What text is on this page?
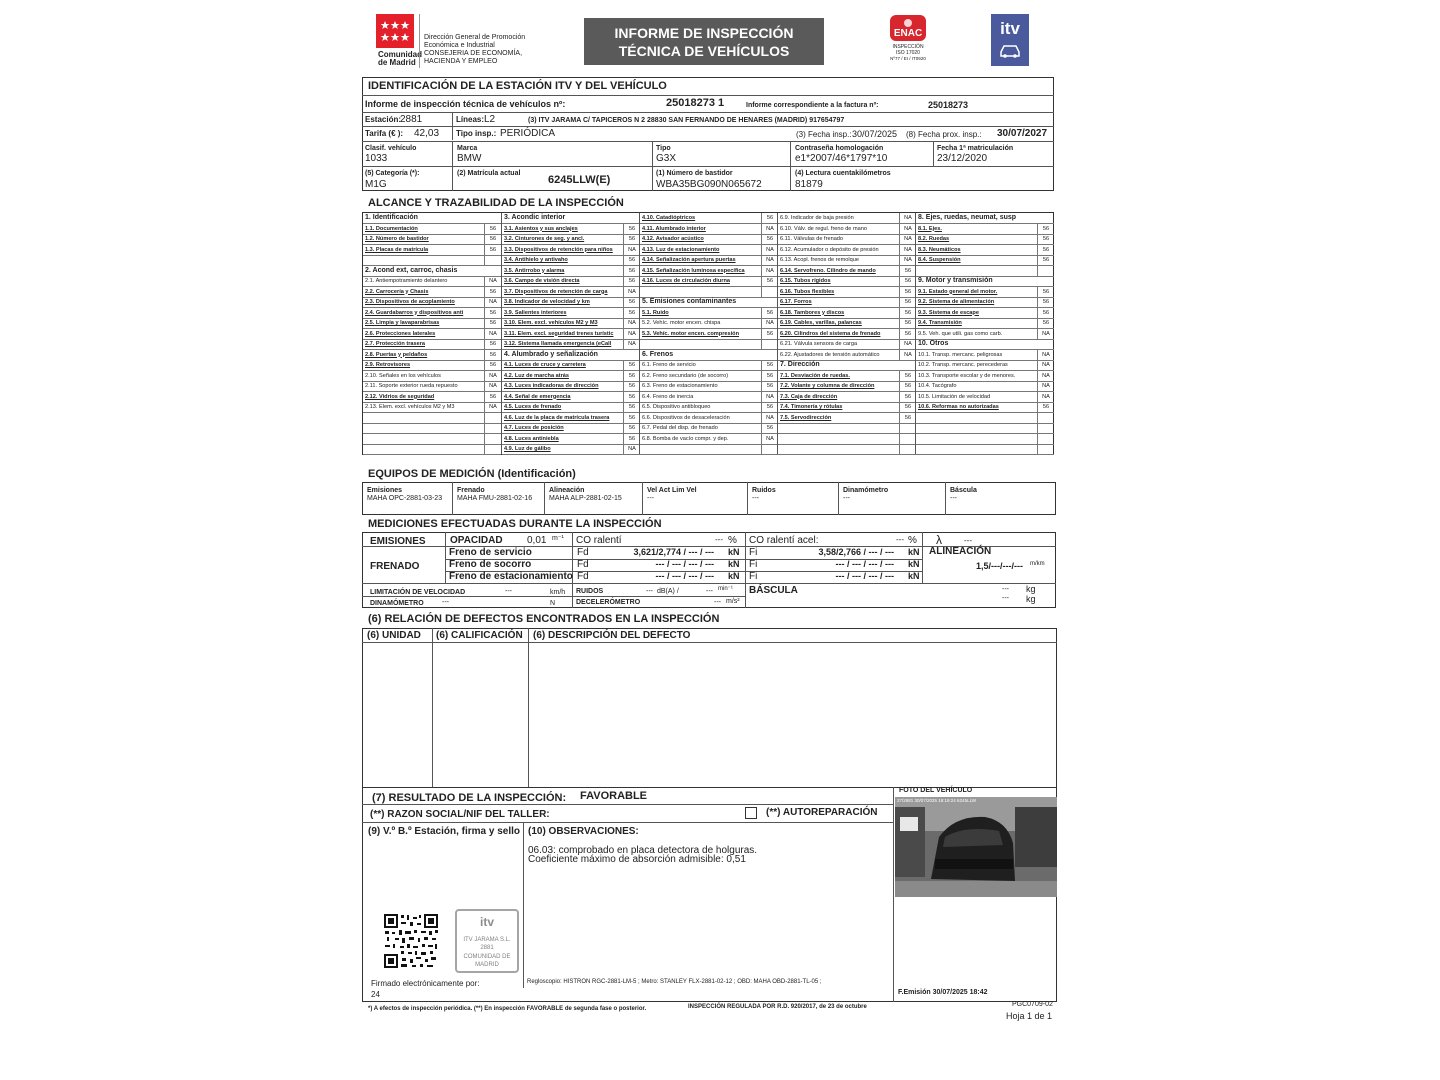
Comunidad
de Madrid
Dirección General de Promoción
Económica e Industrial
CONSEJERIA DE ECONOMÍA,
HACIENDA Y EMPLEO
INFORME DE INSPECCIÓN
TÉCNICA DE VEHÍCULOS
ENAC
INSPECCIÓN
ISO 17020
Nº77 / EI / IT0920
itv
IDENTIFICACIÓN DE LA ESTACIÓN ITV Y DEL VEHÍCULO
Informe de inspección técnica de vehículos nº:	25018273 1	Informe correspondiente a la factura nº:	25018273
Estación:
2881	Líneas: L2	(3) ITV JARAMA C/ TAPICEROS N 2 28830 SAN FERNANDO DE HENARES (MADRID) 917654797
Tarifa (€ ): 42,03 Tipo insp.: PERIÓDICA	(3) Fecha insp.: 30/07/2025 (8) Fecha prox. insp.: 30/07/2027
Clasif. vehículo
1033
Marca
BMW
Tipo
G3X
Contraseña homologación
e1*2007/46*1797*10
Fecha 1ª matriculación
23/12/2020
(5) Categoría (*):
M1G
(2) Matrícula actual
6245LLW(E)
(1) Número de bastidor
WBA35BG090N065672
(4) Lectura cuentakilómetros
81879
ALCANCE Y TRAZABILIDAD DE LA INSPECCIÓN
1. Identificación
1.1. Documentación	56
1.2. Número de bastidor	56
1.3. Placas de matrícula	56
2. Acond ext, carroc, chasis
2.1. Antiempotramiento delantero	NA
2.2. Carrocería y Chasis	56
2.3. Dispositivos de acoplamiento	NA
2.4. Guardabarros y dispositivos anti	56
2.5. Limpia y lavaparabrisas	56
2.6. Protecciones laterales	NA
2.7. Protección trasera	56
2.8. Puertas y peldaños	56
2.9. Retrovisores	56
2.10. Señales en los vehículos	NA
2.11. Soporte exterior rueda repuesto	NA
2.12. Vidrios de seguridad	56
2.13. Elem. excl. vehículos M2 y M3	NA
3. Acondic interior
3.1. Asientos y sus anclajes	56
3.2. Cinturones de seg. y ancl.	56
3.3. Dispositivos de retención para niños	NA
3.4. Antihielo y antivaho	56
3.5. Antirrobo y alarma	56
3.6. Campo de visión directa	56
3.7. Dispositivos de retención de carga	NA
3.8. Indicador de velocidad y km	56
3.9. Salientes interiores	56
3.10. Elem. excl. vehículos M2 y M3	NA
3.11. Elem. excl. seguridad trenes turístic	NA
3.12. Sistema llamada emergencia (eCall	NA
4. Alumbrado y señalización
4.1. Luces de cruce y carretera	56
4.2. Luz de marcha atrás	56
4.3. Luces indicadoras de dirección	56
4.4. Señal de emergencia	56
4.5. Luces de frenado	56
4.6. Luz de la placa de matrícula trasera	56
4.7. Luces de posición	56
4.8. Luces antiniebla	56
4.9. Luz de gálibo	NA
4.10. Catadióptricos	56
4.11. Alumbrado interior	NA
4.12. Avisador acústico	56
4.13. Luz de estacionamiento	NA
4.14. Señalización apertura puertas	NA
4.15. Señalización luminosa específica	NA
4.16. Luces de circulación diurna	56
5. Emisiones contaminantes
5.1. Ruido	56
5.2. Vehíc. motor encen. chispa	NA
5.3. Vehíc. motor encen. compresión	56
6. Frenos
6.1. Freno de servicio	56
6.2. Freno secundario (de socorro)	56
6.3. Freno de estacionamiento	56
6.4. Freno de inercia	NA
6.5. Dispositivo antibloqueo	56
6.6. Dispositivos de desaceleración	NA
6.7. Pedal del disp. de frenado	56
6.8. Bomba de vacío compr. y dep.	NA
6.9. Indicador de baja presión	NA
6.10. Válv. de regul. freno de mano	NA
6.11. Válvulas de frenado	NA
6.12. Acumulador o depósito de presión	NA
6.13. Acopl. frenos de remolque	NA
6.14. Servofreno. Cilindro de mando	56
6.15. Tubos rígidos	56
6.16. Tubos flexibles	56
6.17. Forros	56
6.18. Tambores y discos	56
6.19. Cables, varillas, palancas	56
6.20. Cilindros del sistema de frenado	56
6.21. Válvula sensora de carga	NA
6.22. Ajustadores de tensión automático	NA
7. Dirección
7.1. Desviación de ruedas.	56
7.2. Volante y columna de dirección	56
7.3. Caja de dirección	56
7.4. Timonería y rótulas	56
7.5. Servodirección	56
8. Ejes, ruedas, neumat, susp
8.1. Ejes.	56
8.2. Ruedas	56
8.3. Neumáticos	56
8.4. Suspensión	56
9. Motor y transmisión
9.1. Estado general del motor.	56
9.2. Sistema de alimentación	56
9.3. Sistema de escape	56
9.4. Transmisión	56
9.5. Veh. que utili. gas como carb.	NA
10. Otros
10.1. Transp. mercanc. peligrosas	NA
10.2. Transp. mercanc. perecederas	NA
10.3. Transporte escolar y de menores.	NA
10.4. Tacógrafo	NA
10.5. Limitación de velocidad	NA
10.6. Reformas no autorizadas	56
EQUIPOS DE MEDICIÓN (Identificación)
Emisiones
MAHA OPC-2881-03-23
Frenado
MAHA FMU-2881-02-16
Alineación
MAHA ALP-2881-02-15
Vel Act Lim Vel
---
Ruidos
---
Dinamómetro
---
Báscula
---
MEDICIONES EFECTUADAS DURANTE LA INSPECCIÓN
EMISIONES OPACIDAD 0,01 m⁻¹ CO ralentí	--- % CO ralentí acel:	--- % λ	---
FRENADO
Freno de servicio	Fd	3,621/2,774 / --- / --- kN Fi	3,58/2,766 / --- / --- kN
Freno de socorro	Fd	--- / --- / --- / --- kN Fi	--- / --- / --- / --- kN
Freno de estacionamiento Fd	--- / --- / --- / --- kN Fi	--- / --- / --- / --- kN
ALINEACIÓN
1,5/---/---/--- m/km
LIMITACIÓN DE VELOCIDAD	---	km/h RUIDOS	--- dB(A) /	--- min⁻¹ BÁSCULA	--- kg
--- kg
DINAMÓMETRO	---	N	DECELERÓMETRO	--- m/s²
(6) RELACIÓN DE DEFECTOS ENCONTRADOS EN LA INSPECCIÓN
(6) UNIDAD (6) CALIFICACIÓN (6) DESCRIPCIÓN DEL DEFECTO
(7) RESULTADO DE LA INSPECCIÓN: FAVORABLE	FOTO DEL VEHÍCULO
27/2881 30/07/2025 18:19:24 6245LLW
(**) RAZON SOCIAL/NIF DEL TALLER:	(**) AUTOREPARACIÓN
(9) V.º B.º Estación, firma y sello (10) OBSERVACIONES:
06.03: comprobado en placa detectora de holguras.
Coeficiente máximo de absorción admisible: 0,51
itv
ITV JARAMA S.L.
2881
COMUNIDAD DE
MADRID
Firmado electrónicamente por:
24
Regloscopio: HISTRON RGC-2881-LM-5 ; Metro: STANLEY FLX-2881-02-12 ; OBD: MAHA OBD-2881-TL-05 ;
F.Emisión 30/07/2025 18:42
*) A efectos de inspección periódica. (**) En inspección FAVORABLE de segunda fase o posterior.	INSPECCIÓN REGULADA POR R.D. 920/2017, de 23 de octubre	PGC0709-02
Hoja 1 de 1
